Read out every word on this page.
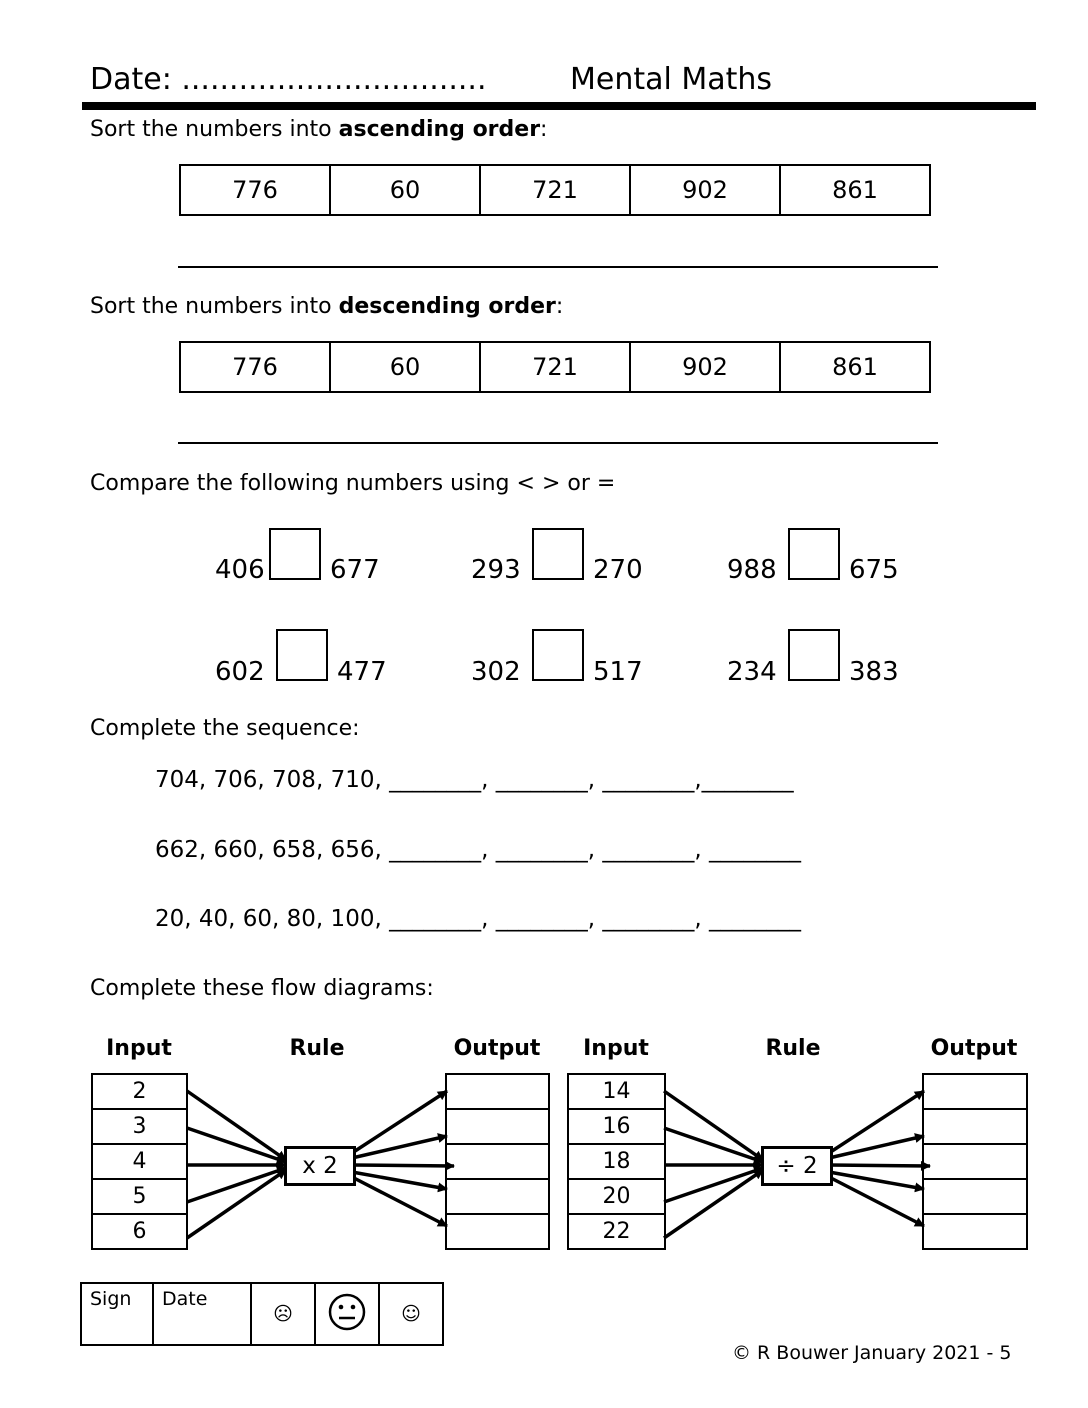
Date: ................................	Mental Maths
Sort the numbers into ascending order:
776	60	721	902	861
Sort the numbers into descending order:
776	60	721	902	861
Compare the following numbers using < > or =
406	677	293	270	988	675
602	477	302	517	234	383
Complete the sequence:
704, 706, 708, 710, ________, ________, ________,________
662, 660, 658, 656, ________, ________, ________, ________
20, 40, 60, 80, 100, ________, ________, ________, ________
Complete these flow diagrams:
Input	Rule	Output
2
3
4
5
6

Input	Rule	Output
14
16
18
20
22

x 2	÷ 2
Sign	Date	☹		☺
© R Bouwer January 2021 - 5
